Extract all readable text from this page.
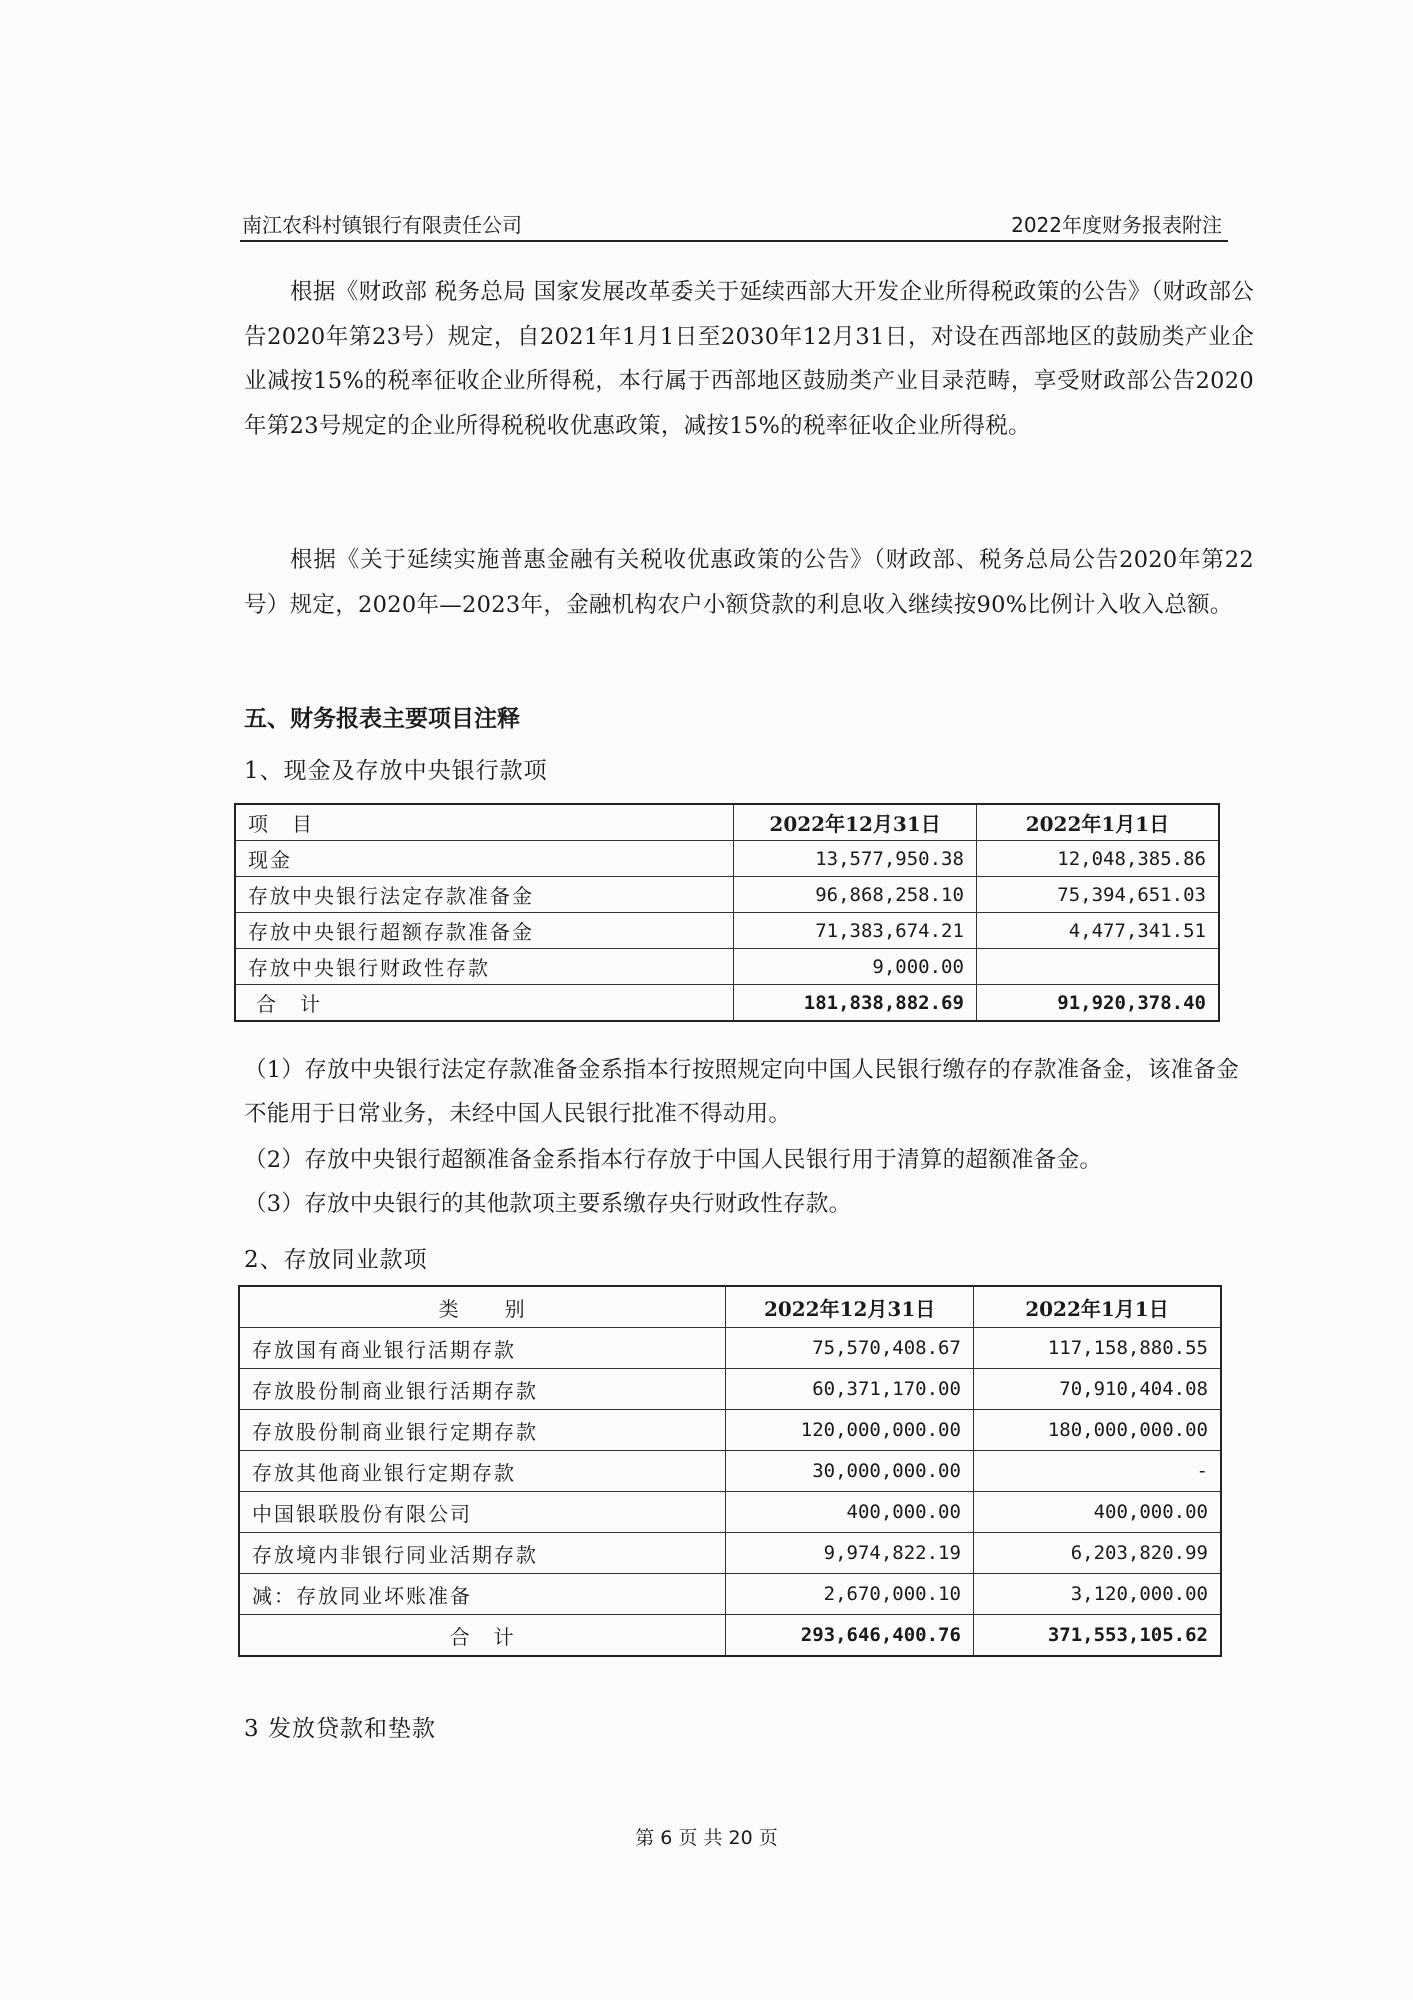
南江农科村镇银行有限责任公司	2022年度财务报表附注

根据《财政部 税务总局 国家发展改革委关于延续西部大开发企业所得税政策的公告》（财政部公告2020年第23号）规定，自2021年1月1日至2030年12月31日，对设在西部地区的鼓励类产业企业减按15%的税率征收企业所得税，本行属于西部地区鼓励类产业目录范畴，享受财政部公告2020年第23号规定的企业所得税税收优惠政策，减按15%的税率征收企业所得税。

根据《关于延续实施普惠金融有关税收优惠政策的公告》（财政部、税务总局公告2020年第22号）规定，2020年—2023年，金融机构农户小额贷款的利息收入继续按90%比例计入收入总额。

五、财务报表主要项目注释

1、现金及存放中央银行款项

项　目	2022年12月31日	2022年1月1日
现金	13,577,950.38	12,048,385.86
存放中央银行法定存款准备金	96,868,258.10	75,394,651.03
存放中央银行超额存款准备金	71,383,674.21	4,477,341.51
存放中央银行财政性存款	9,000.00	
合　计	181,838,882.69	91,920,378.40

（1）存放中央银行法定存款准备金系指本行按照规定向中国人民银行缴存的存款准备金，该准备金不能用于日常业务，未经中国人民银行批准不得动用。

（2）存放中央银行超额准备金系指本行存放于中国人民银行用于清算的超额准备金。

（3）存放中央银行的其他款项主要系缴存央行财政性存款。

2、存放同业款项

类　　别	2022年12月31日	2022年1月1日
存放国有商业银行活期存款	75,570,408.67	117,158,880.55
存放股份制商业银行活期存款	60,371,170.00	70,910,404.08
存放股份制商业银行定期存款	120,000,000.00	180,000,000.00
存放其他商业银行定期存款	30,000,000.00	-
中国银联股份有限公司	400,000.00	400,000.00
存放境内非银行同业活期存款	9,974,822.19	6,203,820.99
减：存放同业坏账准备	2,670,000.10	3,120,000.00
合　计	293,646,400.76	371,553,105.62

3 发放贷款和垫款

第 6 页 共 20 页
